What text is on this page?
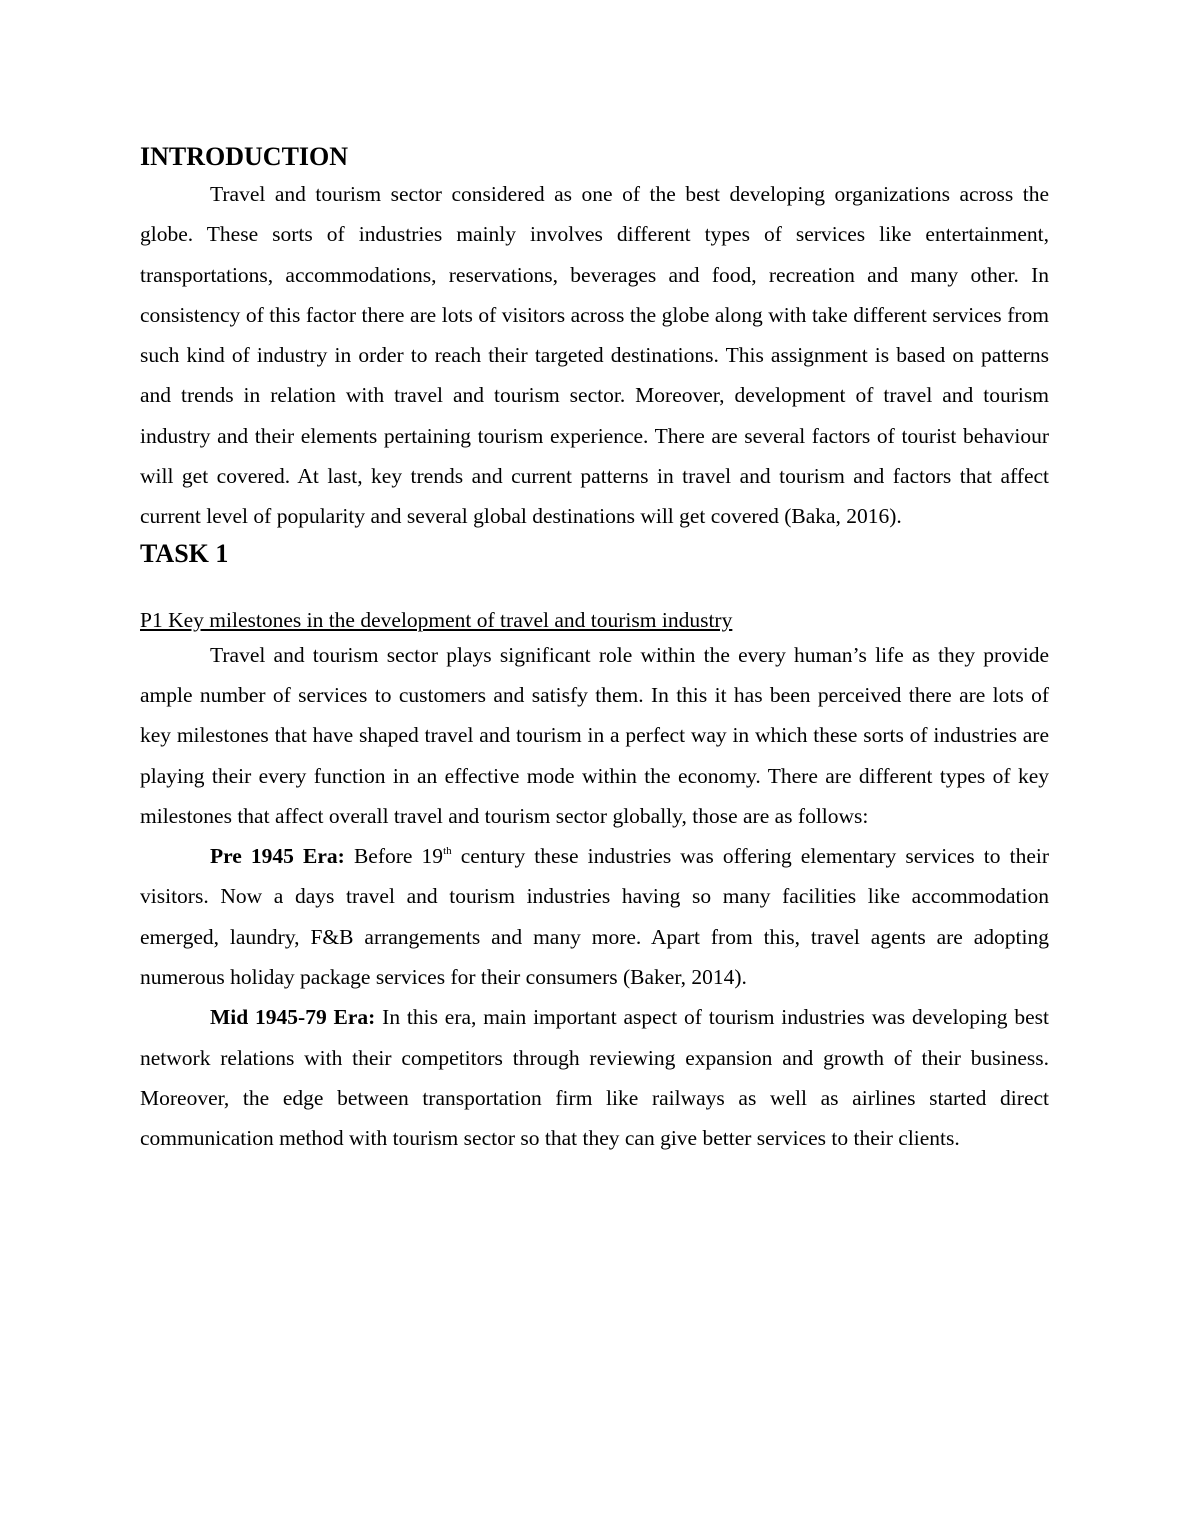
INTRODUCTION

Travel and tourism sector considered as one of the best developing organizations across the globe. These sorts of industries mainly involves different types of services like entertainment, transportations, accommodations, reservations, beverages and food, recreation and many other. In consistency of this factor there are lots of visitors across the globe along with take different services from such kind of industry in order to reach their targeted destinations. This assignment is based on patterns and trends in relation with travel and tourism sector. Moreover, development of travel and tourism industry and their elements pertaining tourism experience. There are several factors of tourist behaviour will get covered. At last, key trends and current patterns in travel and tourism and factors that affect current level of popularity and several global destinations will get covered (Baka, 2016).

TASK 1

P1 Key milestones in the development of travel and tourism industry

Travel and tourism sector plays significant role within the every human’s life as they provide ample number of services to customers and satisfy them. In this it has been perceived there are lots of key milestones that have shaped travel and tourism in a perfect way in which these sorts of industries are playing their every function in an effective mode within the economy. There are different types of key milestones that affect overall travel and tourism sector globally, those are as follows:

Pre 1945 Era: Before 19th century these industries was offering elementary services to their visitors. Now a days travel and tourism industries having so many facilities like accommodation emerged, laundry, F&B arrangements and many more. Apart from this, travel agents are adopting numerous holiday package services for their consumers (Baker, 2014).

Mid 1945-79 Era: In this era, main important aspect of tourism industries was developing best network relations with their competitors through reviewing expansion and growth of their business. Moreover, the edge between transportation firm like railways as well as airlines started direct communication method with tourism sector so that they can give better services to their clients.
